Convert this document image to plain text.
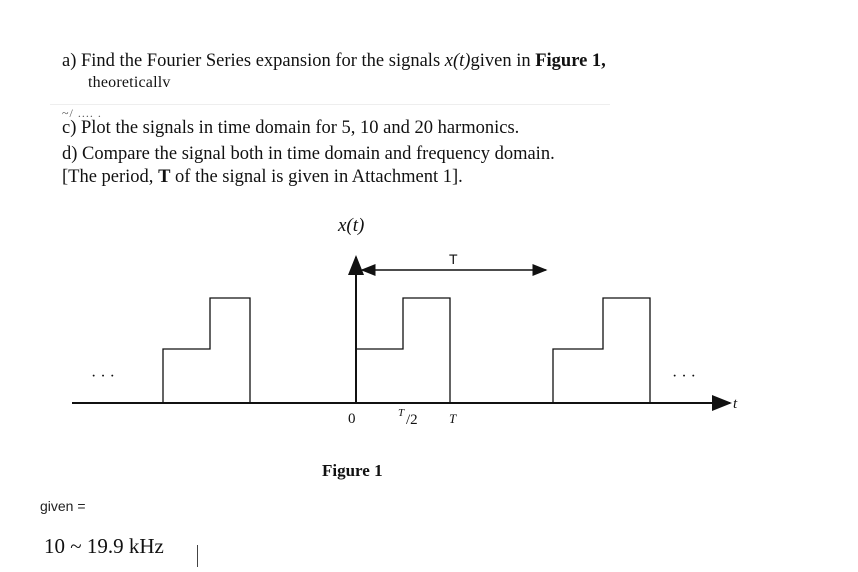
a) Find the Fourier Series expansion for the signals x(t)given in Figure 1,
theoreticallv
~/ .... .
c) Plot the signals in time domain for 5, 10 and 20 harmonics.
d) Compare the signal both in time domain and frequency domain.
[The period, T of the signal is given in Attachment 1].
x(t)
t
T
· · ·	· · ·
0	T /2 T
Figure 1
given =
10 ~ 19.9 kHz
